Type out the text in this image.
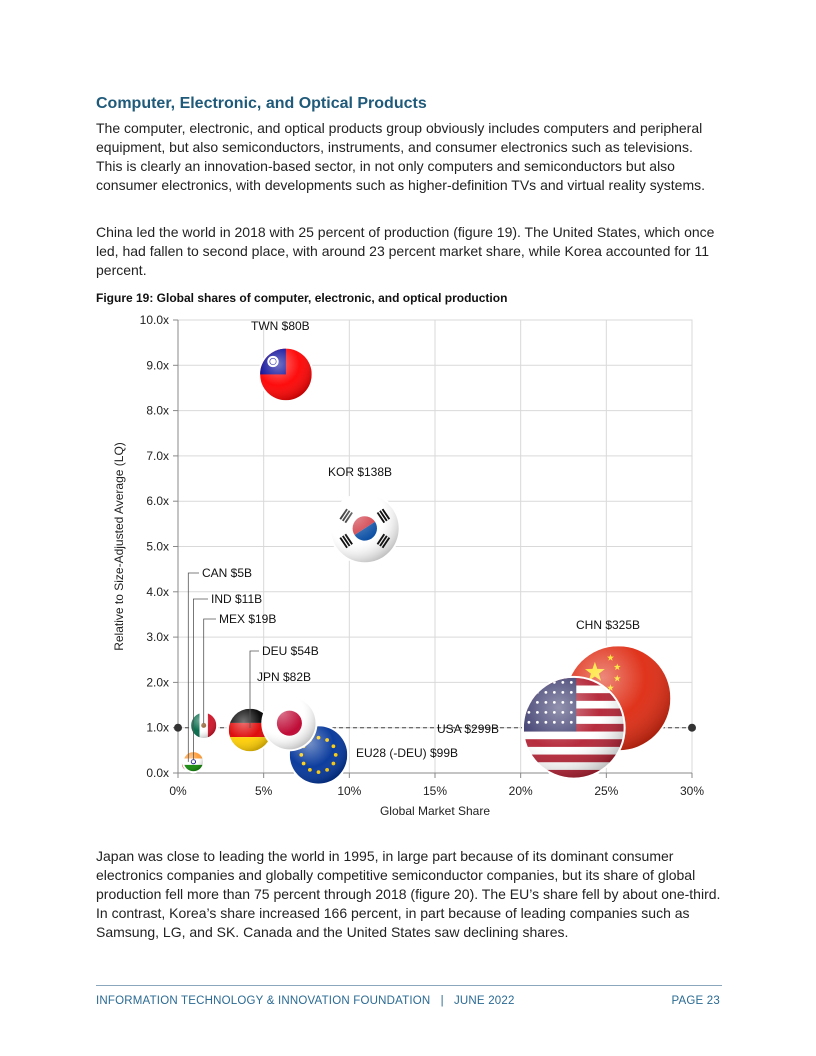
Computer, Electronic, and Optical Products

The computer, electronic, and optical products group obviously includes computers and peripheral equipment, but also semiconductors, instruments, and consumer electronics such as televisions. This is clearly an innovation-based sector, in not only computers and semiconductors but also consumer electronics, with developments such as higher-definition TVs and virtual reality systems.

China led the world in 2018 with 25 percent of production (figure 19). The United States, which once led, had fallen to second place, with around 23 percent market share, while Korea accounted for 11 percent.

Figure 19: Global shares of computer, electronic, and optical production

0.0x
1.0x
2.0x
3.0x
4.0x
5.0x
6.0x
7.0x
8.0x
9.0x
10.0x
0%	5%	10%	15%	20%	25%	30%
Global Market Share
Relative to Size-Adjusted Average (LQ)
TWN $80B
KOR $138B
CAN $5B
IND $11B
MEX $19B
DEU $54B
JPN $82B
EU28 (-DEU) $99B
CHN $325B
USA $299B

Japan was close to leading the world in 1995, in large part because of its dominant consumer electronics companies and globally competitive semiconductor companies, but its share of global production fell more than 75 percent through 2018 (figure 20). The EU’s share fell by about one-third. In contrast, Korea’s share increased 166 percent, in part because of leading companies such as Samsung, LG, and SK. Canada and the United States saw declining shares.

INFORMATION TECHNOLOGY & INNOVATION FOUNDATION   |   JUNE 2022	PAGE 23
